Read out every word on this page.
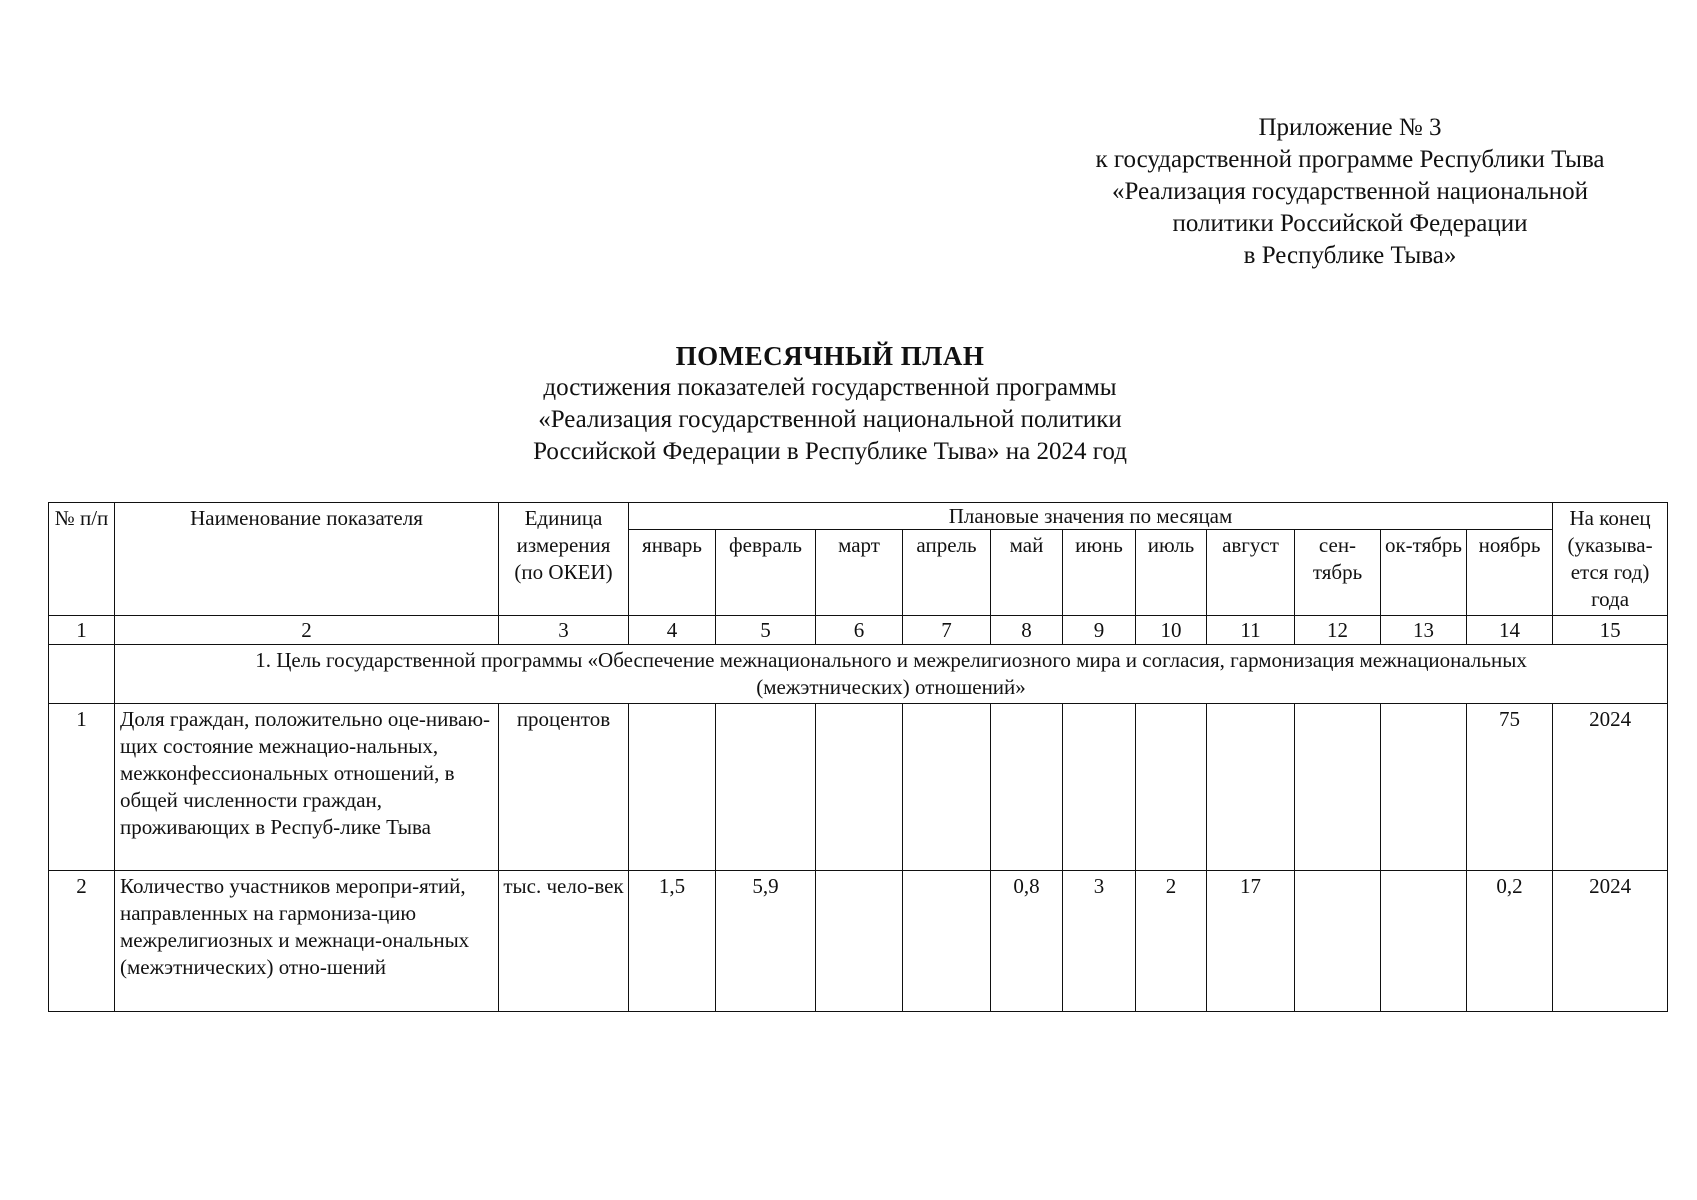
Приложение № 3
к государственной программе Республики Тыва
«Реализация государственной национальной
политики Российской Федерации
в Республике Тыва»
ПОМЕСЯЧНЫЙ ПЛАН
достижения показателей государственной программы
«Реализация государственной национальной политики
Российской Федерации в Республике Тыва» на 2024 год
№ п/п	Наименование показателя	Единица измерения (по ОКЕИ)	Плановые значения по месяцам											На конец (указыва-ется год) года
			январь	февраль	март	апрель	май	июнь	июль	август	сен-тябрь	ок-тябрь	ноябрь	
1	2	3	4	5	6	7	8	9	10	11	12	13	14	15
	1. Цель государственной программы «Обеспечение межнационального и межрелигиозного мира и согласия, гармонизация межнациональных (межэтнических) отношений»													
1	Доля граждан, положительно оце-нивающих состояние межнацио-нальных, межконфессиональных отношений, в общей численности граждан, проживающих в Респуб-лике Тыва	процентов											75	2024
2	Количество участников меропри-ятий, направленных на гармониза-цию межрелигиозных и межнаци-ональных (межэтнических) отно-шений	тыс. чело-век	1,5	5,9			0,8	3	2	17			0,2	2024
